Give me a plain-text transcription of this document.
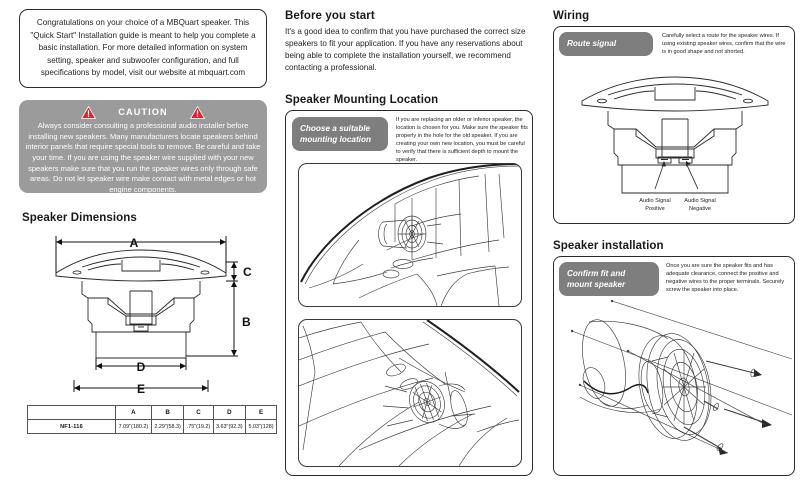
Congratulations on your choice of a MBQuart speaker. This "Quick Start" Installation guide is meant to help you complete a basic installation. For more detailed information on system setting, speaker and subwoofer configuration, and full specifications by model, visit our website at mbquart.com
CAUTION
Always consider consulting a professional audio installer before installing new speakers. Many manufacturers locate speakers behind interior panels that require special tools to remove. Be careful and take your time. If you are using the speaker wire supplied with your new speakers make sure that you run the speaker wires only through safe areas. Do not let speaker wire make contact with metal edges or hot engine components.
Speaker Dimensions
A
C
B
D
E
	A	B	C	D	E
NF1-116	7.09"(180.2)	2.29"(58.3)	.75"(19.2)	3.63"(92.3)	5.03"(128)
Before you start
It's a good idea to confirm that you have purchased the correct size speakers to fit your application. If you have any reservations about being able to complete the installation yourself, we recommend contacting a professional.
Speaker Mounting Location
Choose a suitable mounting location
If you are replacing an older or inferior speaker, the location is chosen for you. Make sure the speaker fits properly in the hole for the old speaker. If you are creating your own new location, you must be careful to verify that there is sufficient depth to mount the speaker.
Wiring
Route signal
Carefully select a route for the speaker wires. If using existing speaker wires, confirm that the wire is in good shape and not shorted.
Audio Signal
Positive
Audio Signal
Negative
Speaker installation
Confirm fit and mount speaker
Once you are sure the speaker fits and has adequate clearance, connect the positive and negative wires to the proper terminals. Securely screw the speaker into place.
